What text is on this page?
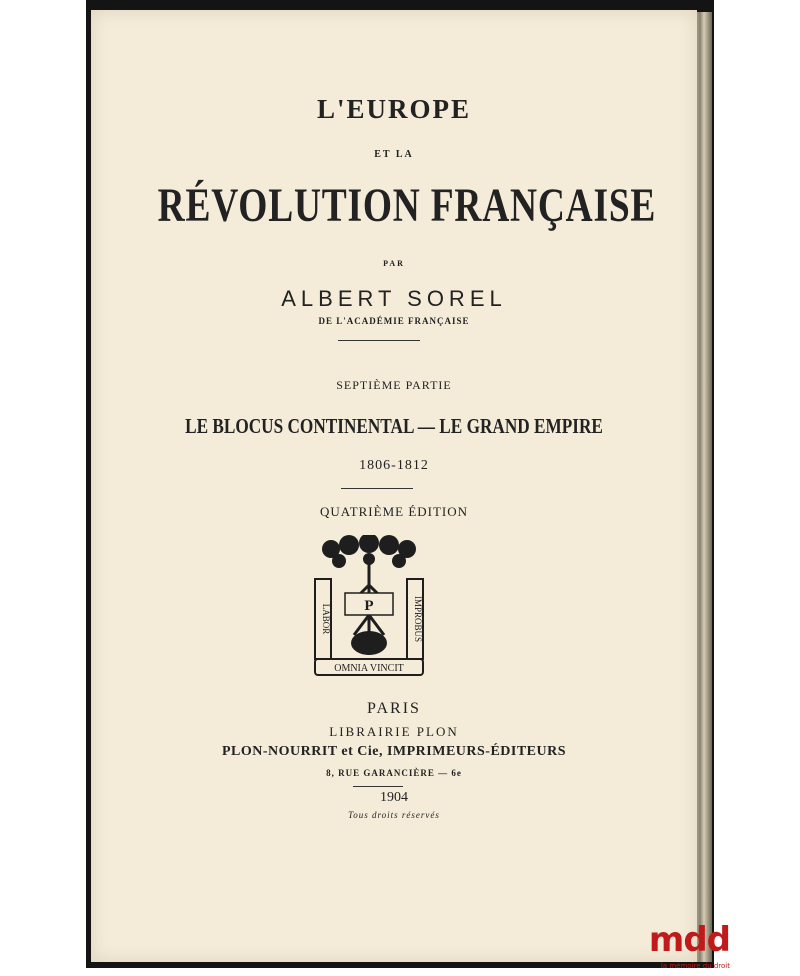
L'EUROPE
ET LA
RÉVOLUTION FRANÇAISE
PAR
ALBERT SOREL
DE L'ACADÉMIE FRANÇAISE
SEPTIÈME PARTIE
LE BLOCUS CONTINENTAL — LE GRAND EMPIRE
1806-1812
QUATRIÈME ÉDITION
LABOR	IMPROBUS
P
OMNIA VINCIT
PARIS
LIBRAIRIE PLON
PLON-NOURRIT et Cie, IMPRIMEURS-ÉDITEURS
8, RUE GARANCIÈRE — 6e
1904
Tous droits réservés
mdd
la mémoire du droit
